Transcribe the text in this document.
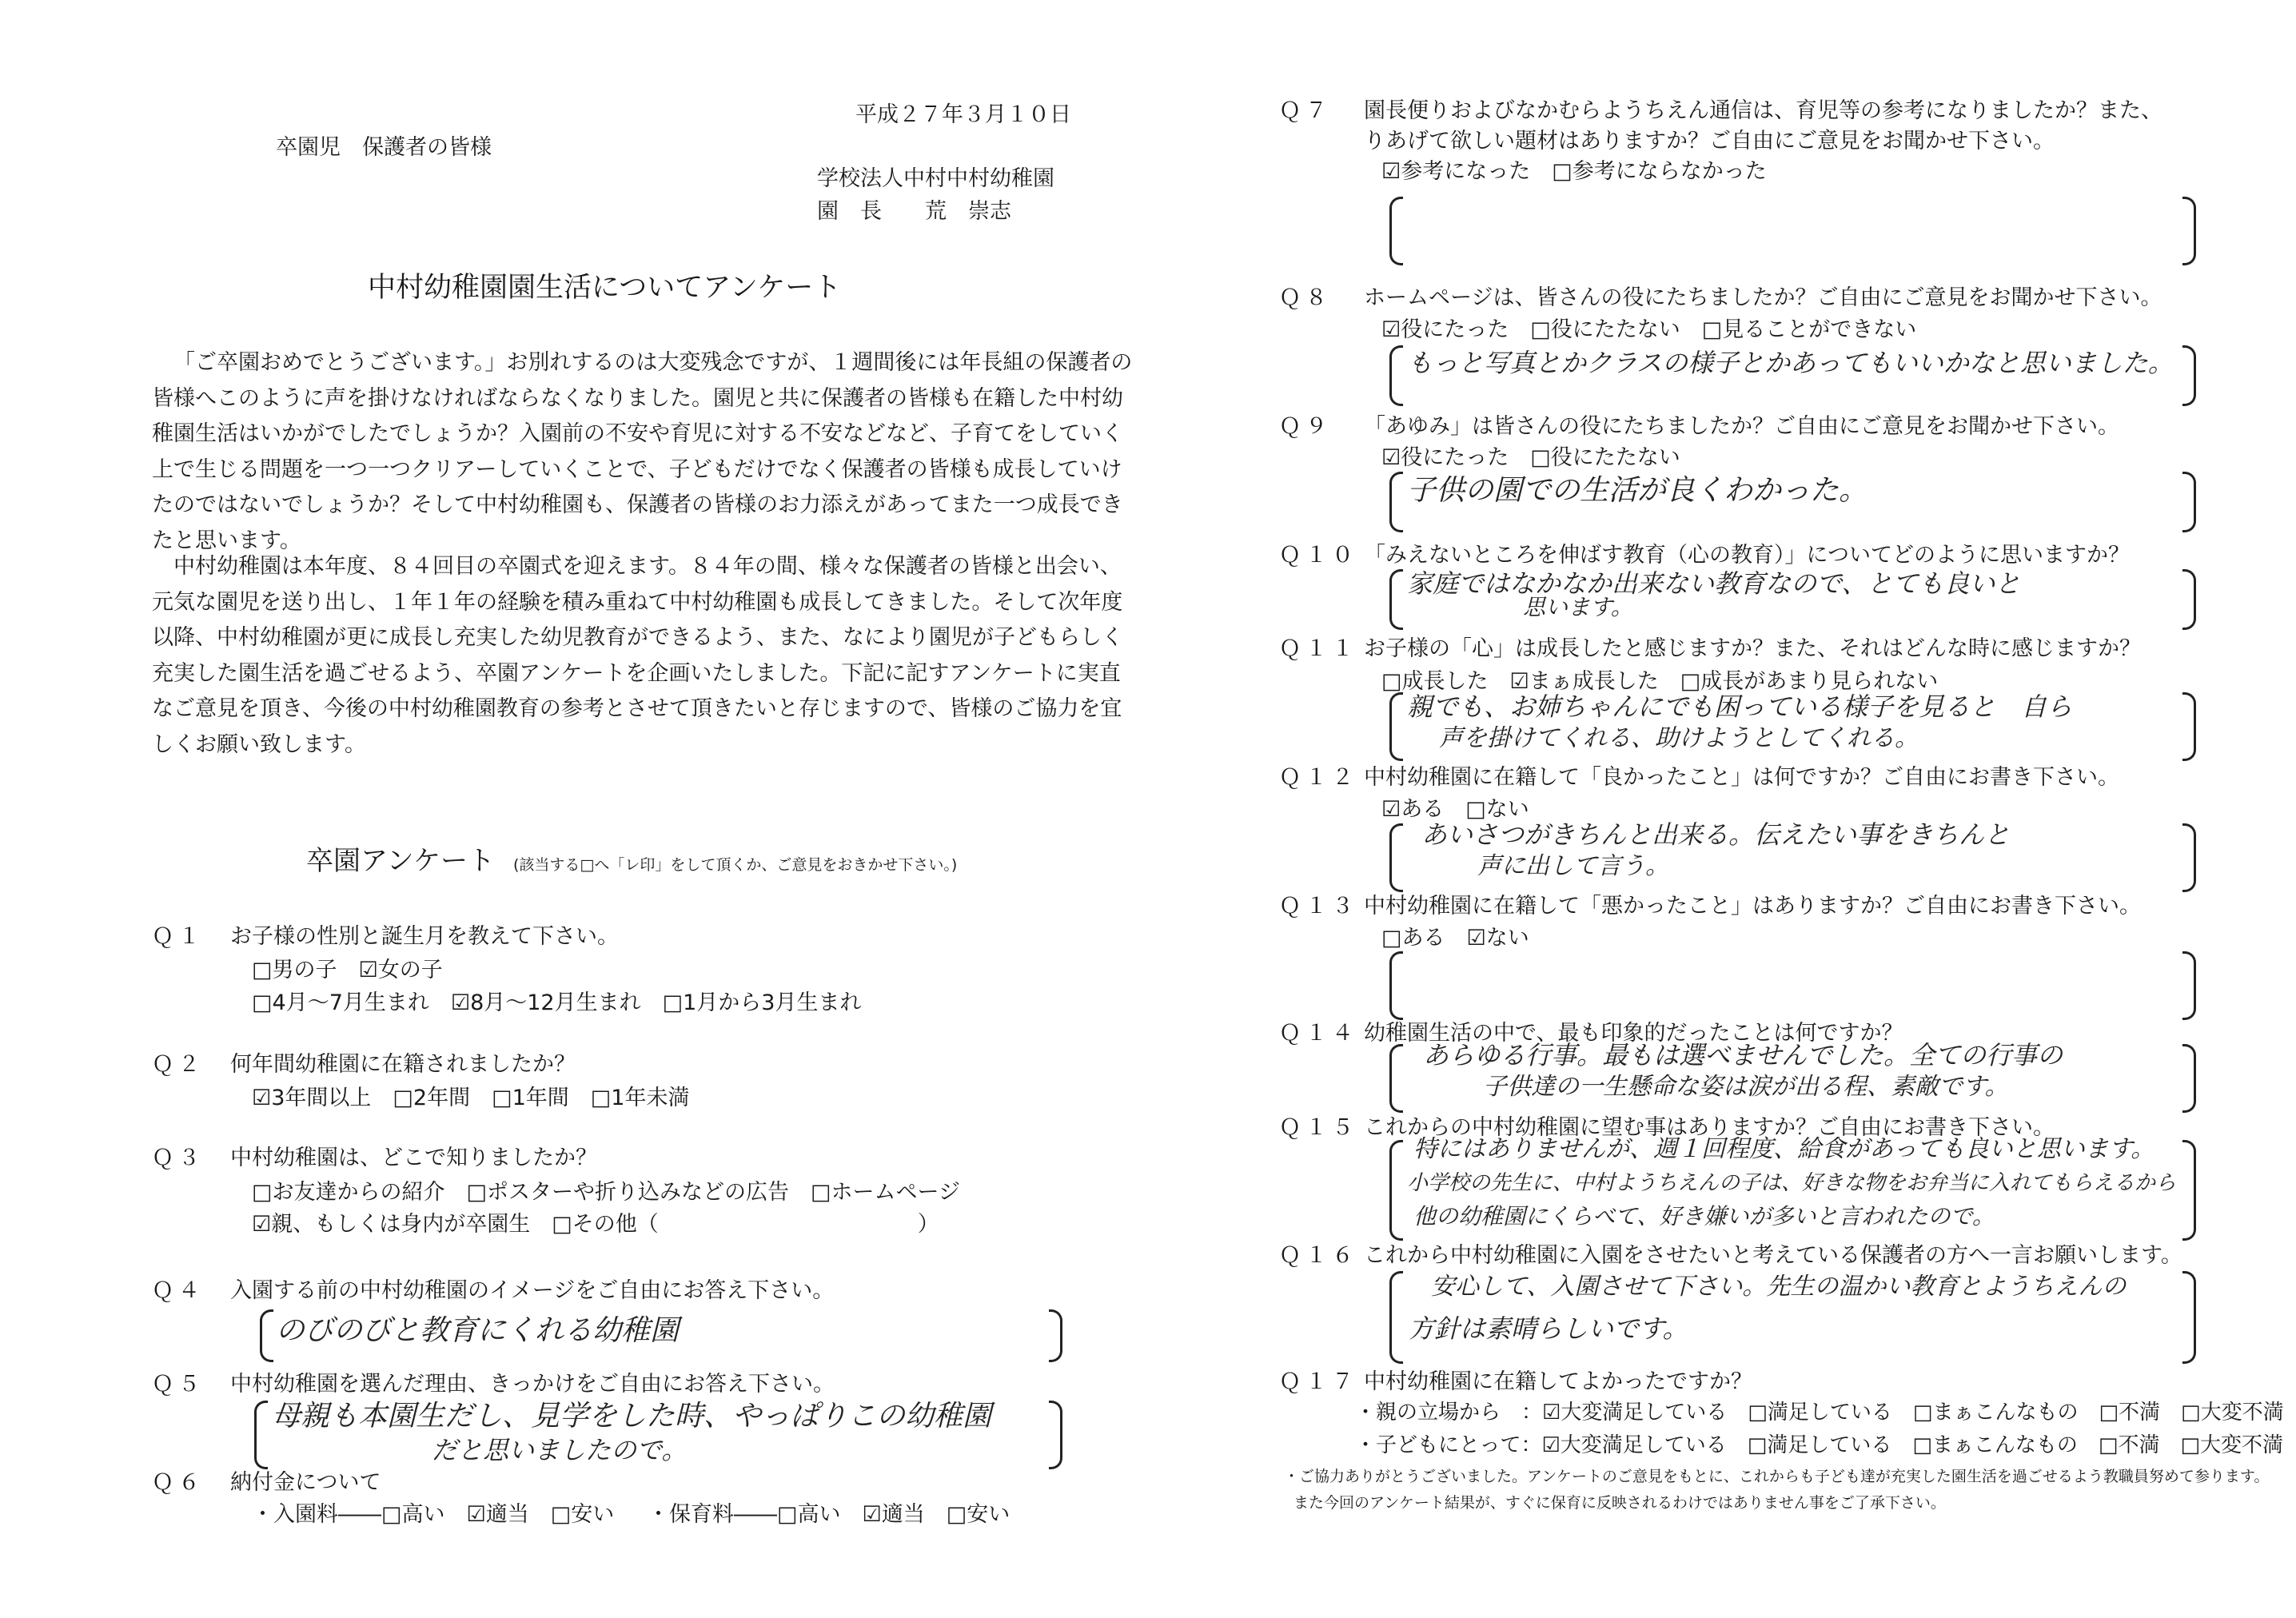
平成２７年３月１０日
卒園児　保護者の皆様
学校法人中村中村幼稚園
園　長　　荒　崇志
中村幼稚園園生活についてアンケート
「ご卒園おめでとうございます。」お別れするのは大変残念ですが、１週間後には年長組の保護者の皆様へこのように声を掛けなければならなくなりました。園児と共に保護者の皆様も在籍した中村幼稚園生活はいかがでしたでしょうか？入園前の不安や育児に対する不安などなど、子育てをしていく上で生じる問題を一つ一つクリアーしていくことで、子どもだけでなく保護者の皆様も成長していけたのではないでしょうか？そして中村幼稚園も、保護者の皆様のお力添えがあってまた一つ成長できたと思います。
中村幼稚園は本年度、８４回目の卒園式を迎えます。８４年の間、様々な保護者の皆様と出会い、元気な園児を送り出し、１年１年の経験を積み重ねて中村幼稚園も成長してきました。そして次年度以降、中村幼稚園が更に成長し充実した幼児教育ができるよう、また、なにより園児が子どもらしく充実した園生活を過ごせるよう、卒園アンケートを企画いたしました。下記に記すアンケートに実直なご意見を頂き、今後の中村幼稚園教育の参考とさせて頂きたいと存じますので、皆様のご協力を宜しくお願い致します。
卒園アンケート (該当する□へ「レ印」をして頂くか、ご意見をおきかせ下さい。)
Ｑ１ お子様の性別と誕生月を教えて下さい。
□男の子　☑女の子
□4月～7月生まれ　☑8月～12月生まれ　□1月から3月生まれ
Ｑ２ 何年間幼稚園に在籍されましたか？
☑3年間以上　□2年間　□1年間　□1年未満
Ｑ３ 中村幼稚園は、どこで知りましたか？
□お友達からの紹介　□ポスターや折り込みなどの広告　□ホームページ
☑親、もしくは身内が卒園生　□その他（　　　　　　　　　　　　）
Ｑ４ 入園する前の中村幼稚園のイメージをご自由にお答え下さい。
のびのびと教育にくれる幼稚園
Ｑ５ 中村幼稚園を選んだ理由、きっかけをご自由にお答え下さい。
母親も本園生だし、見学をした時、やっぱりこの幼稚園
だと思いましたので。
Ｑ６ 納付金について
・入園料――□高い　☑適当　□安い ・保育料――□高い　☑適当　□安い
Ｑ７ 園長便りおよびなかむらようちえん通信は、育児等の参考になりましたか？また、
りあげて欲しい題材はありますか？ご自由にご意見をお聞かせ下さい。
☑参考になった　□参考にならなかった
Ｑ８ ホームページは、皆さんの役にたちましたか？ご自由にご意見をお聞かせ下さい。
☑役にたった　□役にたたない　□見ることができない
もっと写真とかクラスの様子とかあってもいいかなと思いました。
Ｑ９ 「あゆみ」は皆さんの役にたちましたか？ご自由にご意見をお聞かせ下さい。
☑役にたった　□役にたたない
子供の園での生活が良くわかった。
Ｑ１０ 「みえないところを伸ばす教育（心の教育）」についてどのように思いますか？
家庭ではなかなか出来ない教育なので、とても良いと
思います。
Ｑ１１ お子様の「心」は成長したと感じますか？また、それはどんな時に感じますか？
□成長した　☑まぁ成長した　□成長があまり見られない
親でも、お姉ちゃんにでも困っている様子を見ると　自ら
声を掛けてくれる、助けようとしてくれる。
Ｑ１２ 中村幼稚園に在籍して「良かったこと」は何ですか？ご自由にお書き下さい。
☑ある　□ない
あいさつがきちんと出来る。伝えたい事をきちんと
声に出して言う。
Ｑ１３ 中村幼稚園に在籍して「悪かったこと」はありますか？ご自由にお書き下さい。
□ある　☑ない
Ｑ１４ 幼稚園生活の中で、最も印象的だったことは何ですか？
あらゆる行事。最もは選べませんでした。全ての行事の
子供達の一生懸命な姿は涙が出る程、素敵です。
Ｑ１５ これからの中村幼稚園に望む事はありますか？ご自由にお書き下さい。
特にはありませんが、週１回程度、給食があっても良いと思います。
小学校の先生に、中村ようちえんの子は、好きな物をお弁当に入れてもらえるから
他の幼稚園にくらべて、好き嫌いが多いと言われたので。
Ｑ１６ これから中村幼稚園に入園をさせたいと考えている保護者の方へ一言お願いします。
安心して、入園させて下さい。先生の温かい教育とようちえんの
方針は素晴らしいです。
Ｑ１７ 中村幼稚園に在籍してよかったですか？
・親の立場から　：☑大変満足している　□満足している　□まぁこんなもの　□不満　□大変不満
・子どもにとって：☑大変満足している　□満足している　□まぁこんなもの　□不満　□大変不満
・ご協力ありがとうございました。アンケートのご意見をもとに、これからも子ども達が充実した園生活を過ごせるよう教職員努めて参ります。
また今回のアンケート結果が、すぐに保育に反映されるわけではありません事をご了承下さい。
